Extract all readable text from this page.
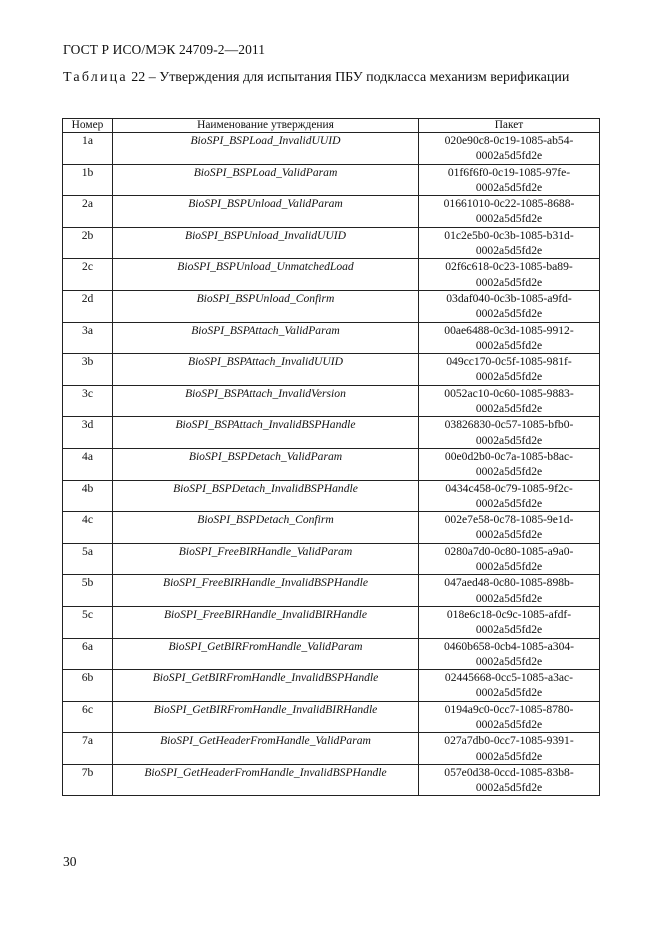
ГОСТ Р ИСО/МЭК 24709-2—2011
Таблица 22 – Утверждения для испытания ПБУ подкласса механизм верификации
Номер	Наименование утверждения	Пакет
1a	BioSPI_BSPLoad_InvalidUUID	020e90c8-0c19-1085-ab54-0002a5d5fd2e
1b	BioSPI_BSPLoad_ValidParam	01f6f6f0-0c19-1085-97fe-0002a5d5fd2e
2a	BioSPI_BSPUnload_ValidParam	01661010-0c22-1085-8688-0002a5d5fd2e
2b	BioSPI_BSPUnload_InvalidUUID	01c2e5b0-0c3b-1085-b31d-0002a5d5fd2e
2c	BioSPI_BSPUnload_UnmatchedLoad	02f6c618-0c23-1085-ba89-0002a5d5fd2e
2d	BioSPI_BSPUnload_Confirm	03daf040-0c3b-1085-a9fd-0002a5d5fd2e
3a	BioSPI_BSPAttach_ValidParam	00ae6488-0c3d-1085-9912-0002a5d5fd2e
3b	BioSPI_BSPAttach_InvalidUUID	049cc170-0c5f-1085-981f-0002a5d5fd2e
3c	BioSPI_BSPAttach_InvalidVersion	0052ac10-0c60-1085-9883-0002a5d5fd2e
3d	BioSPI_BSPAttach_InvalidBSPHandle	03826830-0c57-1085-bfb0-0002a5d5fd2e
4a	BioSPI_BSPDetach_ValidParam	00e0d2b0-0c7a-1085-b8ac-0002a5d5fd2e
4b	BioSPI_BSPDetach_InvalidBSPHandle	0434c458-0c79-1085-9f2c-0002a5d5fd2e
4c	BioSPI_BSPDetach_Confirm	002e7e58-0c78-1085-9e1d-0002a5d5fd2e
5a	BioSPI_FreeBIRHandle_ValidParam	0280a7d0-0c80-1085-a9a0-0002a5d5fd2e
5b	BioSPI_FreeBIRHandle_InvalidBSPHandle	047aed48-0c80-1085-898b-0002a5d5fd2e
5c	BioSPI_FreeBIRHandle_InvalidBIRHandle	018e6c18-0c9c-1085-afdf-0002a5d5fd2e
6a	BioSPI_GetBIRFromHandle_ValidParam	0460b658-0cb4-1085-a304-0002a5d5fd2e
6b	BioSPI_GetBIRFromHandle_InvalidBSPHandle	02445668-0cc5-1085-a3ac-0002a5d5fd2e
6c	BioSPI_GetBIRFromHandle_InvalidBIRHandle	0194a9c0-0cc7-1085-8780-0002a5d5fd2e
7a	BioSPI_GetHeaderFromHandle_ValidParam	027a7db0-0cc7-1085-9391-0002a5d5fd2e
7b	BioSPI_GetHeaderFromHandle_InvalidBSPHandle	057e0d38-0ccd-1085-83b8-0002a5d5fd2e
30
